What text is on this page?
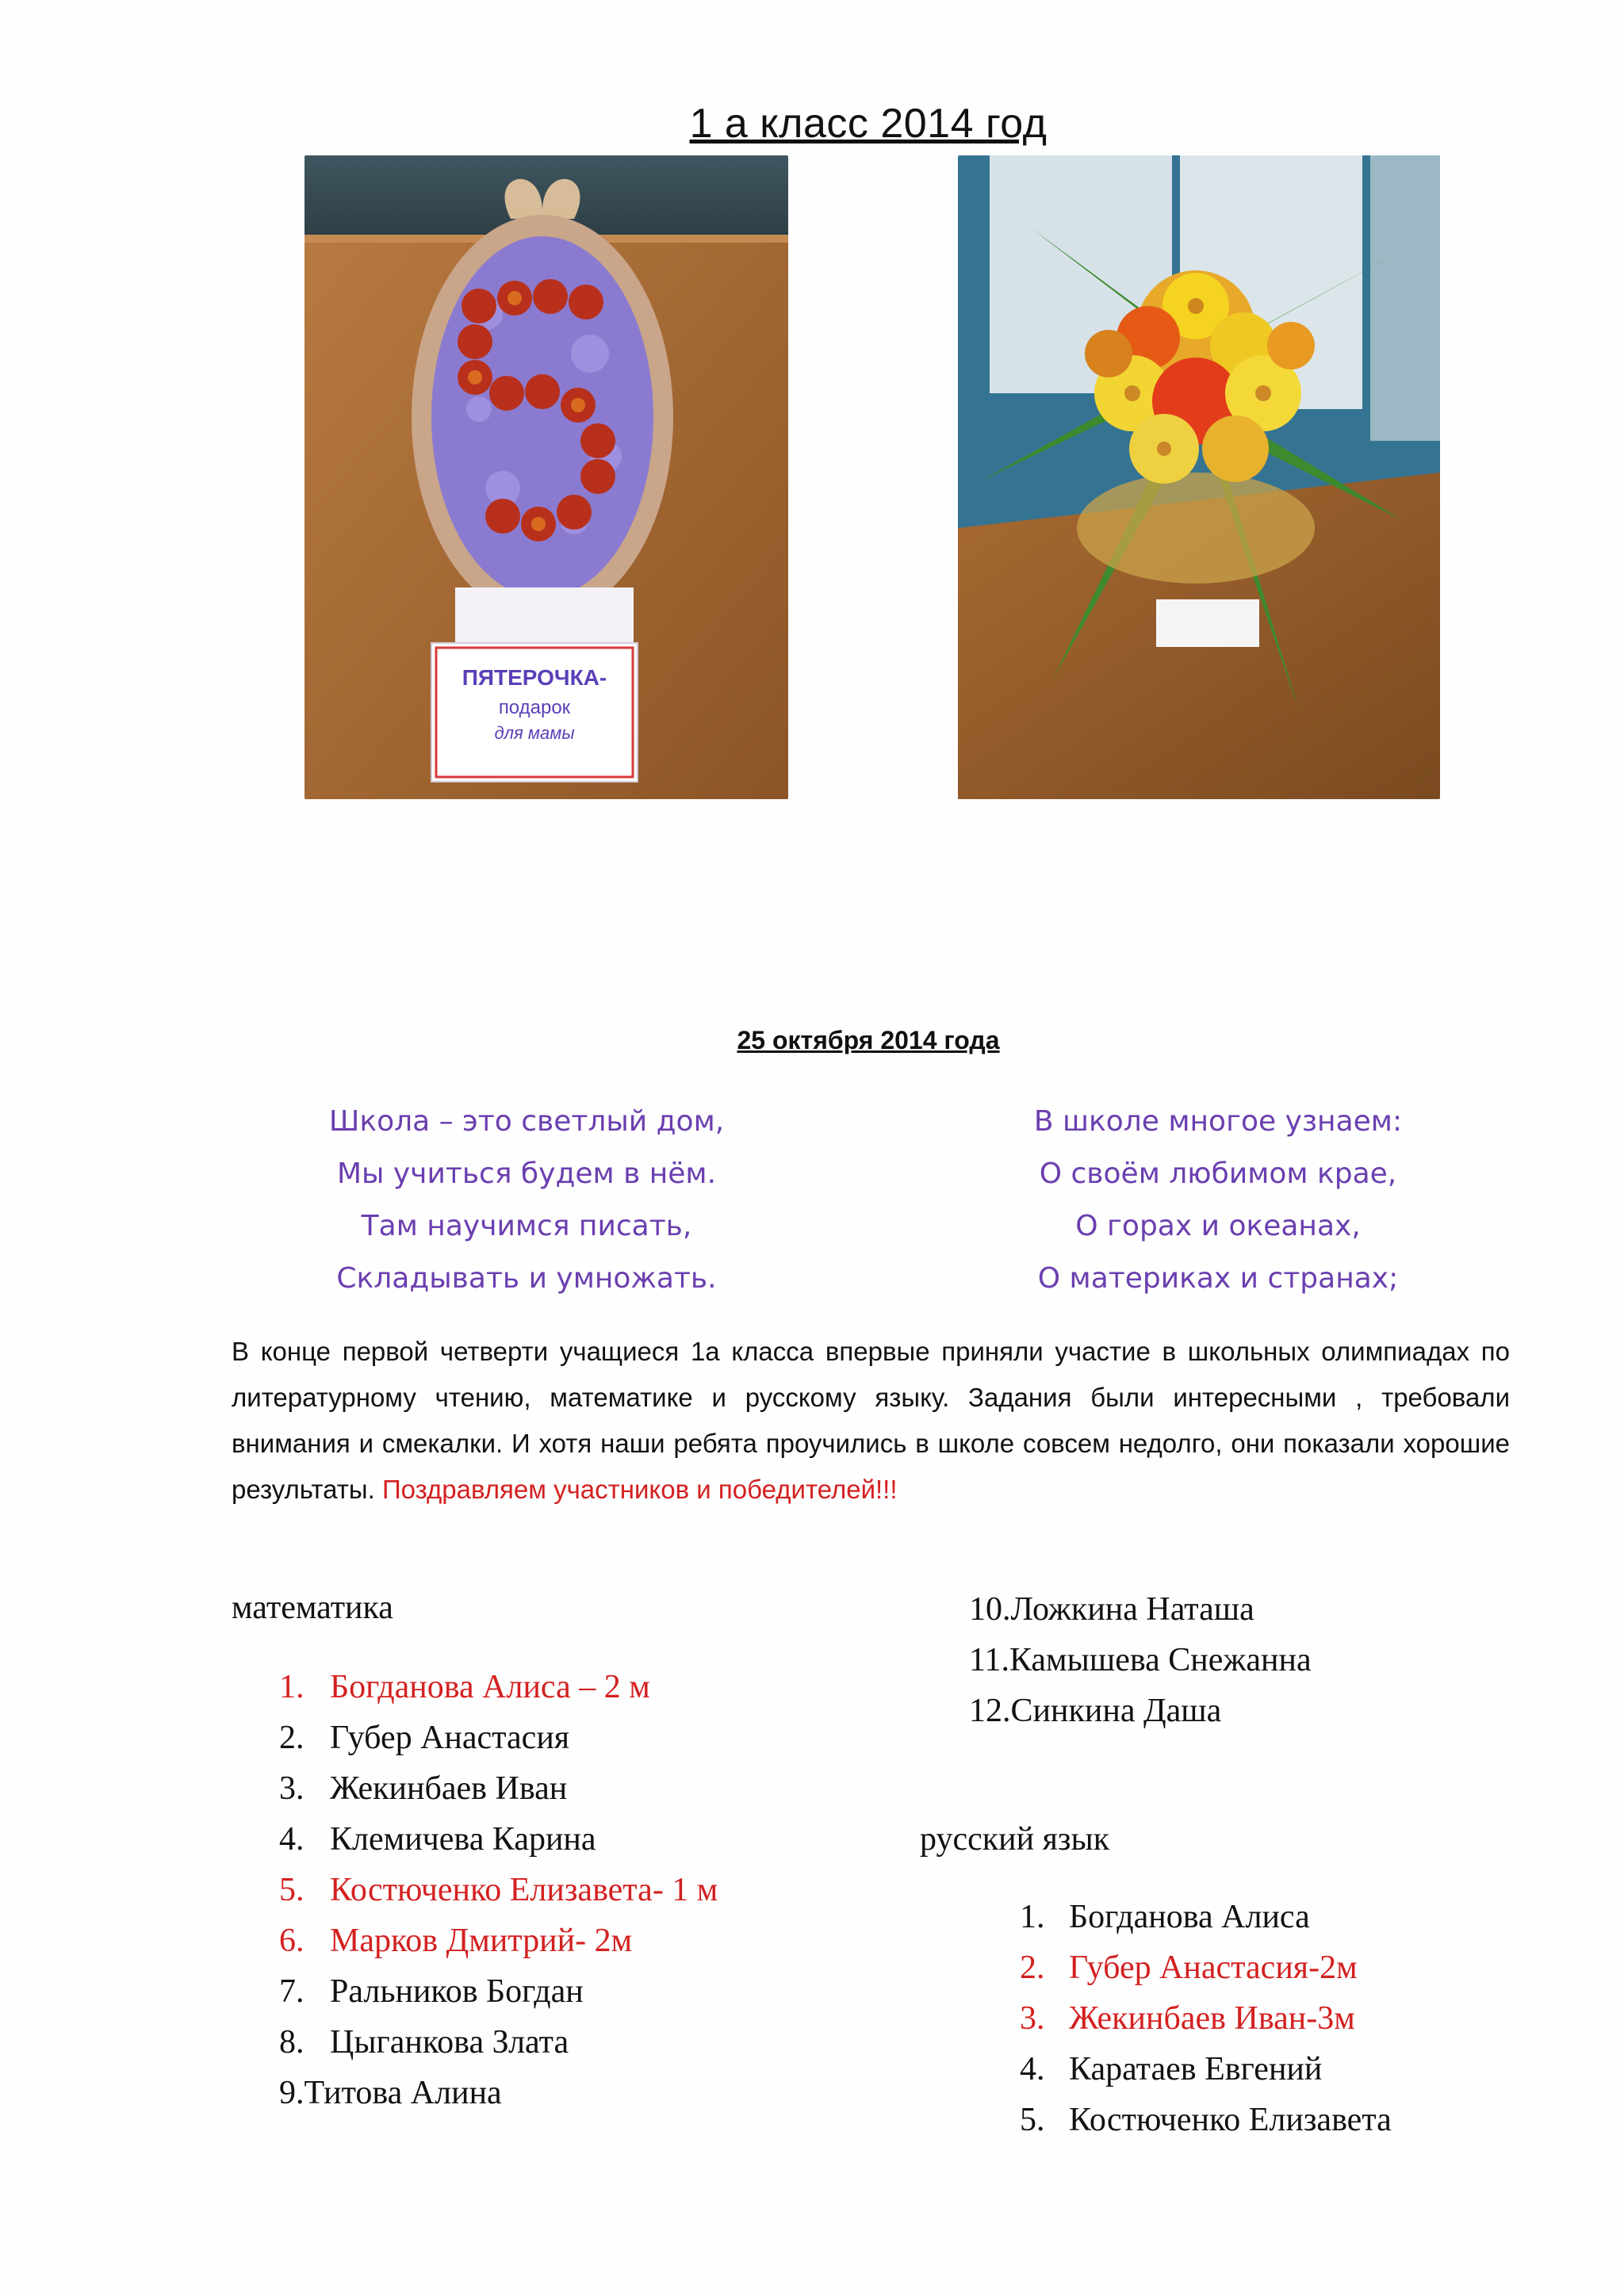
1 а класс 2014 год
ПЯТЕРОЧКА-
подарок
для мамы
25 октября 2014 года
Школа – это светлый дом,
Мы учиться будем в нём.
Там научимся писать,
Складывать и умножать.
В школе многое узнаем:
О своём любимом крае,
О горах и океанах,
О материках и странах;
В конце первой четверти учащиеся 1а класса впервые приняли участие в школьных олимпиадах по литературному чтению, математике и русскому языку. Задания были интересными , требовали внимания и смекалки. И хотя наши ребята проучились в школе совсем недолго, они показали хорошие результаты. Поздравляем участников и победителей!!!
математика
1. Богданова Алиса – 2 м
2. Губер Анастасия
3. Жекинбаев Иван
4. Клемичева Карина
5. Костюченко Елизавета- 1 м
6. Марков Дмитрий- 2м
7. Ральников Богдан
8. Цыганкова Злата
9.Титова Алина
10.Ложкина Наташа
11.Камышева Снежанна
12.Синкина Даша
русский язык
1. Богданова Алиса
2. Губер Анастасия-2м
3. Жекинбаев Иван-3м
4. Каратаев Евгений
5. Костюченко Елизавета
